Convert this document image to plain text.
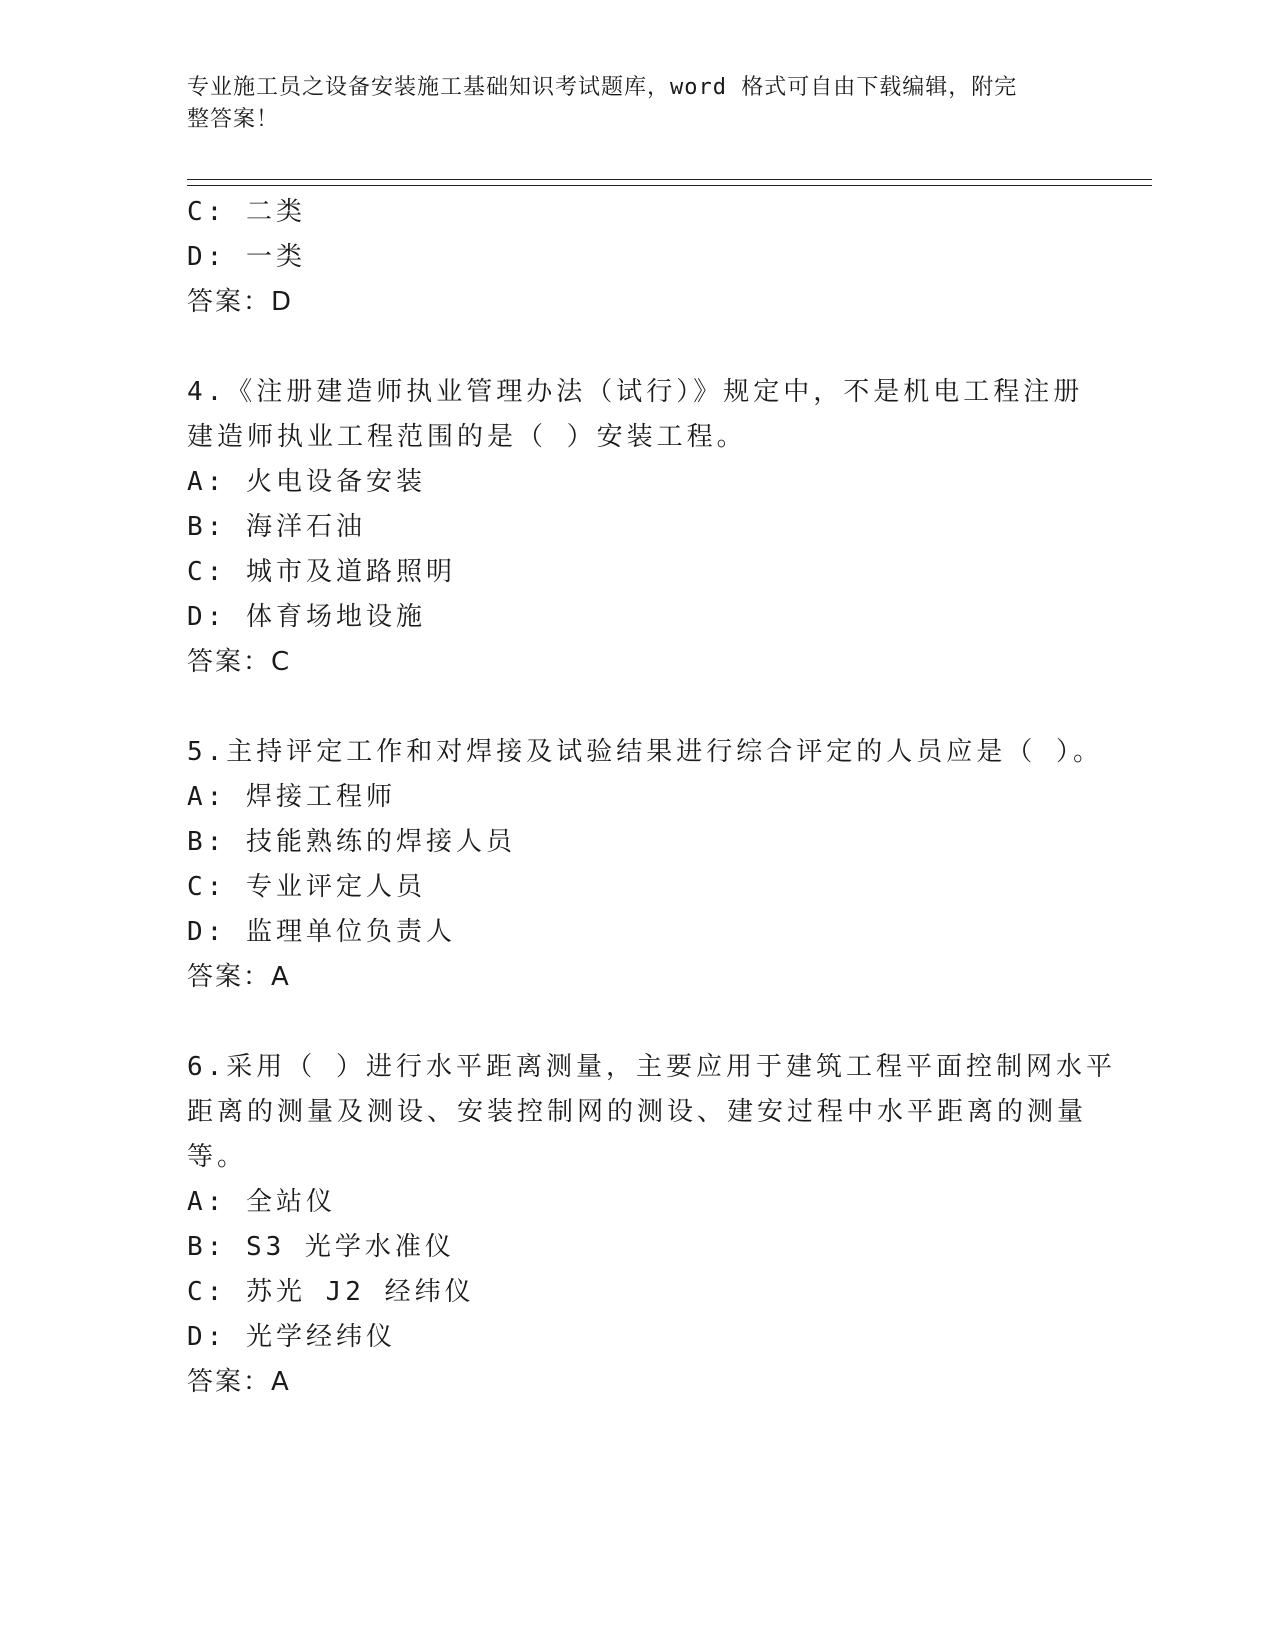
专业施工员之设备安装施工基础知识考试题库，word 格式可自由下载编辑，附完
整答案！
C: 二类
D: 一类
答案：D
4.《注册建造师执业管理办法（试行）》规定中，不是机电工程注册
建造师执业工程范围的是（ ）安装工程。
A: 火电设备安装
B: 海洋石油
C: 城市及道路照明
D: 体育场地设施
答案：C
5.主持评定工作和对焊接及试验结果进行综合评定的人员应是（ ）。
A: 焊接工程师
B: 技能熟练的焊接人员
C: 专业评定人员
D: 监理单位负责人
答案：A
6.采用（ ）进行水平距离测量，主要应用于建筑工程平面控制网水平
距离的测量及测设、安装控制网的测设、建安过程中水平距离的测量
等。
A: 全站仪
B: S3 光学水准仪
C: 苏光 J2 经纬仪
D: 光学经纬仪
答案：A
